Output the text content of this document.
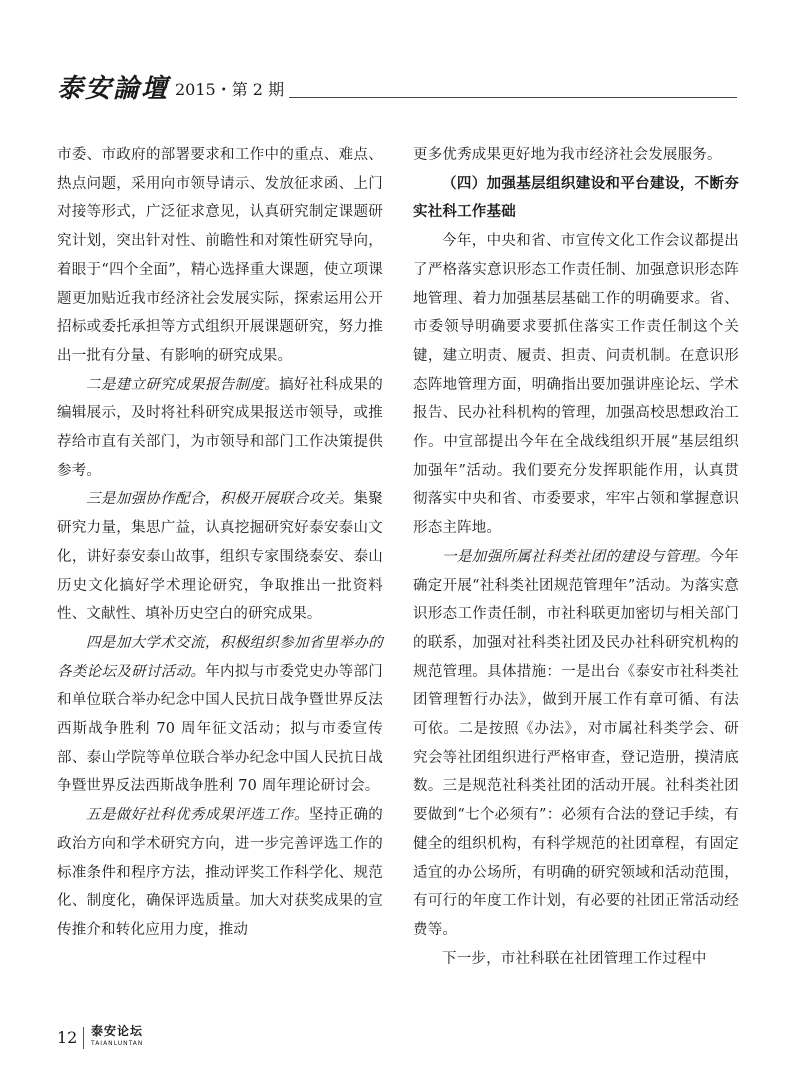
泰安論壇 2015・第 2 期

市委、市政府的部署要求和工作中的重点、难点、热点问题，采用向市领导请示、发放征求函、上门对接等形式，广泛征求意见，认真研究制定课题研究计划，突出针对性、前瞻性和对策性研究导向，着眼于“四个全面”，精心选择重大课题，使立项课题更加贴近我市经济社会发展实际，探索运用公开招标或委托承担等方式组织开展课题研究，努力推出一批有分量、有影响的研究成果。

二是建立研究成果报告制度。搞好社科成果的编辑展示，及时将社科研究成果报送市领导，或推荐给市直有关部门，为市领导和部门工作决策提供参考。

三是加强协作配合，积极开展联合攻关。集聚研究力量，集思广益，认真挖掘研究好泰安泰山文化，讲好泰安泰山故事，组织专家围绕泰安、泰山历史文化搞好学术理论研究，争取推出一批资料性、文献性、填补历史空白的研究成果。

四是加大学术交流，积极组织参加省里举办的各类论坛及研讨活动。年内拟与市委党史办等部门和单位联合举办纪念中国人民抗日战争暨世界反法西斯战争胜利 70 周年征文活动；拟与市委宣传部、泰山学院等单位联合举办纪念中国人民抗日战争暨世界反法西斯战争胜利 70 周年理论研讨会。

五是做好社科优秀成果评选工作。坚持正确的政治方向和学术研究方向，进一步完善评选工作的标准条件和程序方法，推动评奖工作科学化、规范化、制度化，确保评选质量。加大对获奖成果的宣传推介和转化应用力度，推动

更多优秀成果更好地为我市经济社会发展服务。

（四）加强基层组织建设和平台建设，不断夯实社科工作基础

今年，中央和省、市宣传文化工作会议都提出了严格落实意识形态工作责任制、加强意识形态阵地管理、着力加强基层基础工作的明确要求。省、市委领导明确要求要抓住落实工作责任制这个关键，建立明责、履责、担责、问责机制。在意识形态阵地管理方面，明确指出要加强讲座论坛、学术报告、民办社科机构的管理，加强高校思想政治工作。中宣部提出今年在全战线组织开展“基层组织加强年”活动。我们要充分发挥职能作用，认真贯彻落实中央和省、市委要求，牢牢占领和掌握意识形态主阵地。

一是加强所属社科类社团的建设与管理。今年确定开展“社科类社团规范管理年”活动。为落实意识形态工作责任制，市社科联更加密切与相关部门的联系，加强对社科类社团及民办社科研究机构的规范管理。具体措施：一是出台《泰安市社科类社团管理暂行办法》，做到开展工作有章可循、有法可依。二是按照《办法》，对市属社科类学会、研究会等社团组织进行严格审查，登记造册，摸清底数。三是规范社科类社团的活动开展。社科类社团要做到“七个必须有”：必须有合法的登记手续，有健全的组织机构，有科学规范的社团章程，有固定适宜的办公场所，有明确的研究领域和活动范围，有可行的年度工作计划，有必要的社团正常活动经费等。

下一步，市社科联在社团管理工作过程中

12 泰安论坛
TAIANLUNTAN
